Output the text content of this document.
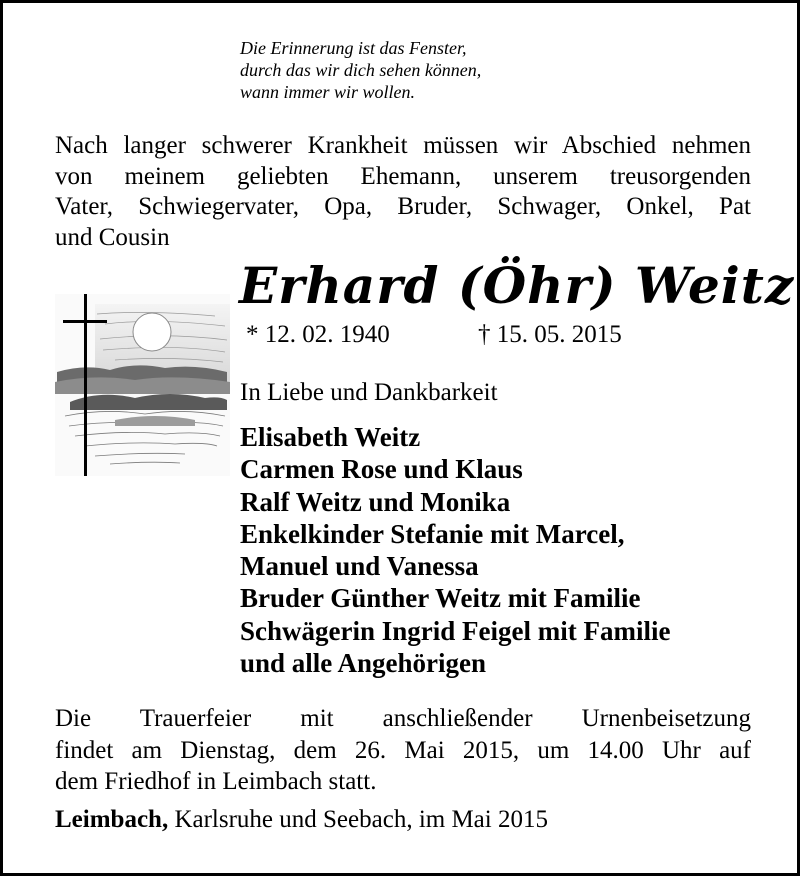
Die Erinnerung ist das Fenster,
durch das wir dich sehen können,
wann immer wir wollen.
Nach langer schwerer Krankheit müssen wir Abschied nehmen
von meinem geliebten Ehemann, unserem treusorgenden
Vater, Schwiegervater, Opa, Bruder, Schwager, Onkel, Pat
und Cousin
Erhard (Öhr) Weitz
* 12. 02. 1940	† 15. 05. 2015
In Liebe und Dankbarkeit
Elisabeth Weitz
Carmen Rose und Klaus
Ralf Weitz und Monika
Enkelkinder Stefanie mit Marcel,
Manuel und Vanessa
Bruder Günther Weitz mit Familie
Schwägerin Ingrid Feigel mit Familie
und alle Angehörigen
Die Trauerfeier mit anschließender Urnenbeisetzung
findet am Dienstag, dem 26. Mai 2015, um 14.00 Uhr auf
dem Friedhof in Leimbach statt.
Leimbach, Karlsruhe und Seebach, im Mai 2015
